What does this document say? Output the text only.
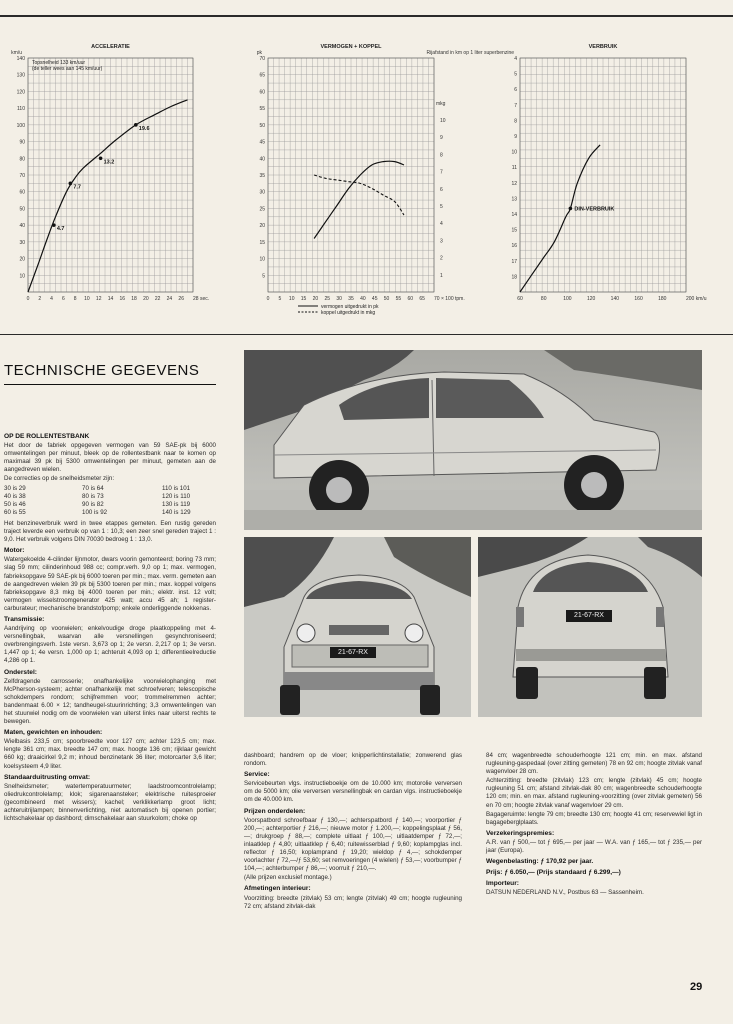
ACCELERATIE
0 2 4 6 8 10 12 14 16 18 20 22 24 26 28 sec.
140
130
120
110
100
90
80
70
60
50
40
30
20
10
km/u
Topsnelheid 133 km/uur
(de teller wees aan 145 km/uur)
4.7
7.7
13.2
19.6
VERMOGEN + KOPPEL
0 5 10 15 20 25 30 35 40 45 50 55 60 65 70 × 100 tpm.
70
65
60
55
50
45
40
35
30
25
20
15
10
5
pk
mkg
10
9
8
7
6
5
4
3
2
1
vermogen uitgedrukt in pk
koppel uitgedrukt in mkg
VERBRUIK
60	80	100	120	140	160	180	200 km/u
4
5
6
7
8
9
10
11
12
13
14
15
16
17
18
Rijafstand in km op 1 liter superbenzine
DIN-VERBRUIK
TECHNISCHE GEGEVENS
OP DE ROLLENTESTBANK

Het door de fabriek opgegeven vermogen van 59 SAE-pk bij 6000 omwentelingen per minuut, bleek op de rollentestbank naar te komen op maximaal 39 pk bij 5300 omwentelingen per minuut, gemeten aan de aangedreven wielen.

De correcties op de snelheidsmeter zijn:

30 is 29	70 is 64	110 is 101
40 is 38	80 is 73	120 is 110
50 is 46	90 is 82	130 is 119
60 is 55	100 is 92	140 is 129

Het benzineverbruik werd in twee etappes gemeten. Een rustig gereden traject leverde een verbruik op van 1 : 10,3; een zeer snel gereden traject 1 : 9,0. Het verbruik volgens DIN 70030 bedroeg 1 : 13,0.

Motor:

Watergekoelde 4-cilinder lijnmotor, dwars voorin gemonteerd; boring 73 mm; slag 59 mm; cilinderinhoud 988 cc; compr.verh. 9,0 op 1; max. vermogen, fabrieksopgave 59 SAE-pk bij 6000 toeren per min.; max. verm. gemeten aan de aangedreven wielen 39 pk bij 5300 toeren per min.; max. koppel volgens fabrieksopgave 8,3 mkg bij 4000 toeren per min.; elektr. inst. 12 volt; vermogen wisselstroomgenerator 425 watt; accu 45 ah; 1 register-carburateur; mechanische brandstofpomp; enkele onderliggende nokkenas.

Transmissie:

Aandrijving op voorwielen; enkelvoudige droge plaatkoppeling met 4-versnellingbak, waarvan alle versnellingen gesynchroniseerd; overbrengingsverh. 1ste versn. 3,673 op 1; 2e versn. 2,217 op 1; 3e versn. 1,447 op 1; 4e versn. 1,000 op 1; achteruit 4,093 op 1; differentieelreductie 4,286 op 1.

Onderstel:

Zelfdragende carrosserie; onafhankelijke voorwielophanging met McPherson-systeem; achter onafhankelijk met schroefveren; telescopische schokdempers rondom; schijfremmen voor; trommelremmen achter; bandenmaat 6.00 × 12; tandheugel-stuurinrichting; 3,3 omwentelingen van het stuurwiel nodig om de voorwielen van uiterst links naar uiterst rechts te bewegen.

Maten, gewichten en inhouden:

Wielbasis 233,5 cm; spoorbreedte voor 127 cm; achter 123,5 cm; max. lengte 361 cm; max. breedte 147 cm; max. hoogte 136 cm; rijklaar gewicht 660 kg; draaicirkel 9,2 m; inhoud benzinetank 36 liter; motorcarter 3,6 liter; koelsysteem 4,9 liter.

Standaarduitrusting omvat:

Snelheidsmeter; watertemperatuurmeter; laadstroomcontrolelamp; oliedrukcontrolelamp; klok; sigarenaansteker; elektrische ruitesproeier (gecombineerd met wissers); kachel; verklikkerlamp groot licht; achteruitrijlampen; binnenverlichting, niet automatisch bij openen portier; lichtschakelaar op dashbord; dimschakelaar aan stuurkolom; choke op

dashboard; handrem op de vloer; knipperlichtinstallatie; zonwerend glas rondom.

Service:

Servicebeurten vlgs. instructieboekje om de 10.000 km; motorolie verversen om de 5000 km; olie verversen versnellingbak en cardan vlgs. instructieboekje om de 40.000 km.

Prijzen onderdelen:

Voorspatbord schroefbaar ƒ 130,—; achterspatbord ƒ 140,—; voorportier ƒ 200,—; achterportier ƒ 216,—; nieuwe motor ƒ 1.200,—; koppelingsplaat ƒ 56,—; drukgroep ƒ 88,—; complete uitlaat ƒ 100,—; uitlaatdemper ƒ 72,—; inlaatklep ƒ 4,80; uitlaatklep ƒ 6,40; ruitewisserblad ƒ 9,60; koplampglas incl. reflector ƒ 16,50; koplamprand ƒ 19,20; wieldop ƒ 4,—; schokdemper voorlachter ƒ 72,—/ƒ 53,60; set remvoeringen (4 wielen) ƒ 53,—; voorbumper ƒ 104,—; achterbumper ƒ 86,—; voorruit ƒ 210,—.

(Alle prijzen exclusief montage.)

Afmetingen interieur:

Voorzitting: breedte (zitvlak) 53 cm; lengte (zitvlak) 49 cm; hoogte rugleuning 72 cm; afstand zitvlak-dak

84 cm; wagenbreedte schouderhoogte 121 cm; min. en max. afstand rugleuning-gaspedaal (over zitting gemeten) 78 en 92 cm; hoogte zitvlak vanaf wagenvloer 28 cm.

Achterzitting: breedte (zitvlak) 123 cm; lengte (zitvlak) 45 cm; hoogte rugleuning 51 cm; afstand zitvlak-dak 80 cm; wagenbreedte schouderhoogte 120 cm; min. en max. afstand rugleuning-voorzitting (over zitvlak gemeten) 56 en 70 cm; hoogte zitvlak vanaf wagenvloer 29 cm.

Bagageruimte: lengte 79 cm; breedte 130 cm; hoogte 41 cm; reservewiel ligt in bagageberglplaats.

Verzekeringspremies:

A.R. van ƒ 500,— tot ƒ 695,— per jaar — W.A. van ƒ 165,— tot ƒ 235,— per jaar (Europa).

Wegenbelasting: ƒ 170,92 per jaar.
Prijs: ƒ 6.050,— (Prijs standaard ƒ 6.299,—)
Importeur:

DATSUN NEDERLAND N.V., Postbus 63 — Sassenheim.

21-67-RX
21-67-RX
29
